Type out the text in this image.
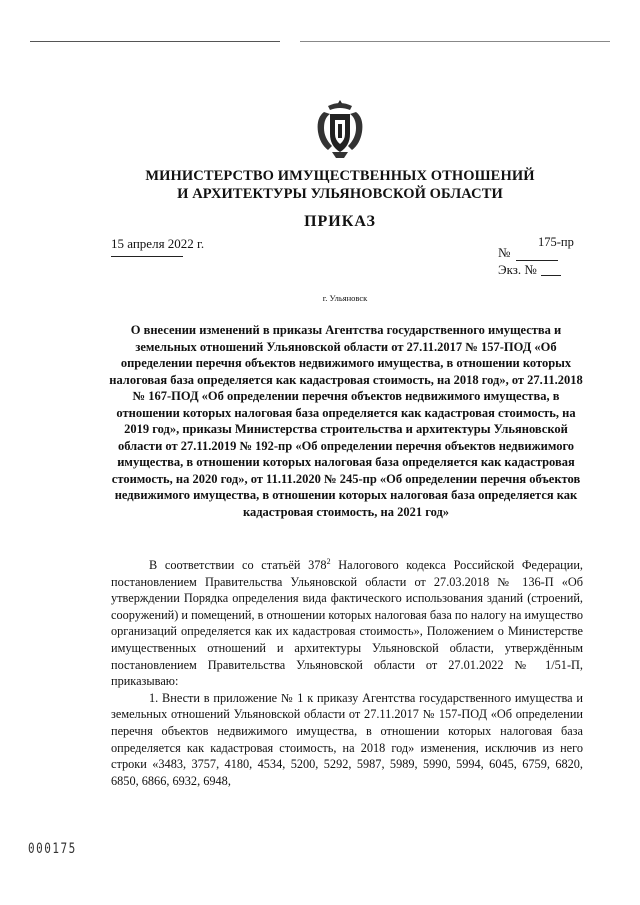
МИНИСТЕРСТВО ИМУЩЕСТВЕННЫХ ОТНОШЕНИЙ
И АРХИТЕКТУРЫ УЛЬЯНОВСКОЙ ОБЛАСТИ
ПРИКАЗ
15 апреля 2022 г.	175-пр
№
Экз. №
г. Ульяновск
О внесении изменений в приказы Агентства государственного имущества и земельных отношений Ульяновской области от 27.11.2017 № 157-ПОД «Об определении перечня объектов недвижимого имущества, в отношении которых налоговая база определяется как кадастровая стоимость, на 2018 год», от 27.11.2018 № 167-ПОД «Об определении перечня объектов недвижимого имущества, в отношении которых налоговая база определяется как кадастровая стоимость, на 2019 год», приказы Министерства строительства и архитектуры Ульяновской области от 27.11.2019 № 192-пр «Об определении перечня объектов недвижимого имущества, в отношении которых налоговая база определяется как кадастровая стоимость, на 2020 год», от 11.11.2020 № 245-пр «Об определении перечня объектов недвижимого имущества, в отношении которых налоговая база определяется как кадастровая стоимость, на 2021 год»

В соответствии со статьёй $378^2$ Налогового кодекса Российской Федерации, постановлением Правительства Ульяновской области от 27.03.2018 № 136-П «Об утверждении Порядка определения вида фактического использования зданий (строений, сооружений) и помещений, в отношении которых налоговая база по налогу на имущество организаций определяется как их кадастровая стоимость», Положением о Министерстве имущественных отношений и архитектуры Ульяновской области, утверждённым постановлением Правительства Ульяновской области от 27.01.2022 № 1/51-П, приказываю:

1. Внести в приложение № 1 к приказу Агентства государственного имущества и земельных отношений Ульяновской области от 27.11.2017 № 157-ПОД «Об определении перечня объектов недвижимого имущества, в отношении которых налоговая база определяется как кадастровая стоимость, на 2018 год» изменения, исключив из него строки «3483, 3757, 4180, 4534, 5200, 5292, 5987, 5989, 5990, 5994, 6045, 6759, 6820, 6850, 6866, 6932, 6948,

000175
